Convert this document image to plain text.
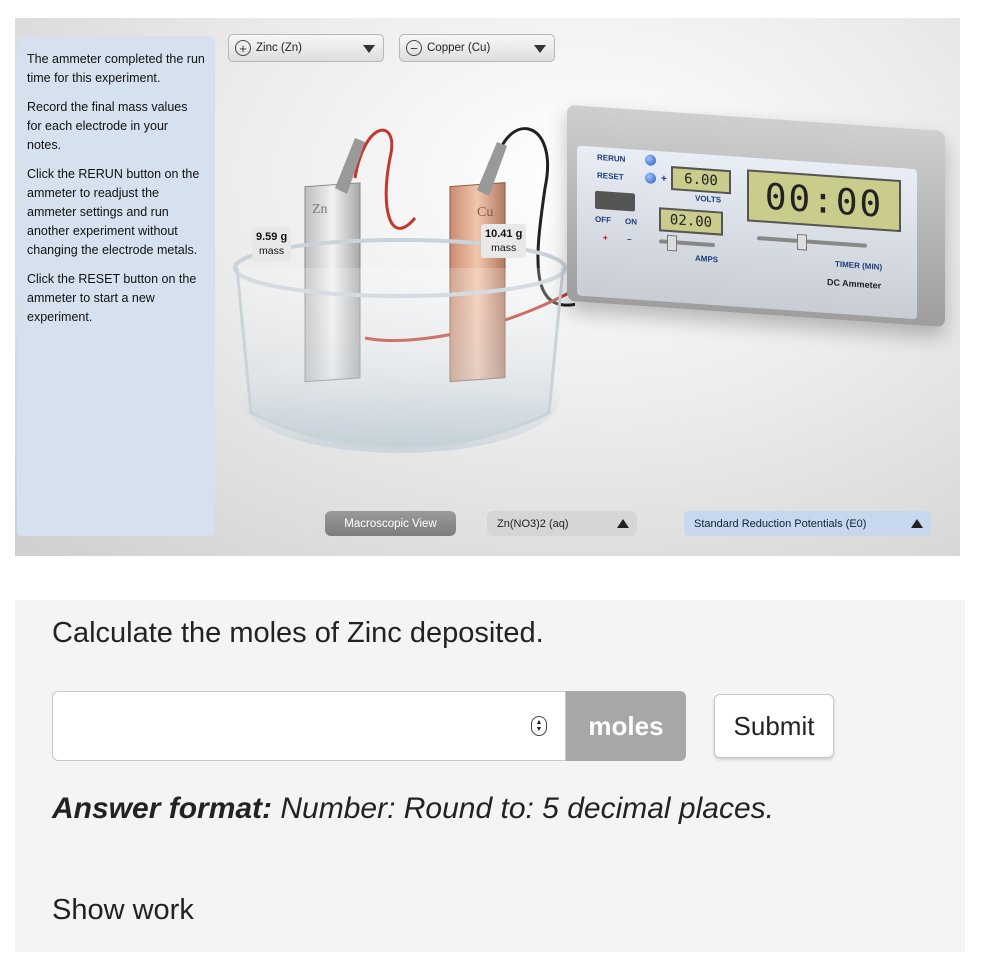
The ammeter completed the run time for this experiment.

Record the final mass values for each electrode in your notes.

Click the RERUN button on the ammeter to readjust the ammeter settings and run another experiment without changing the electrode metals.

Click the RESET button on the ammeter to start a new experiment.

+ Zinc (Zn)	− Copper (Cu)
Zn	Cu
9.59 g
mass
10.41 g
mass
RERUN
RESET
OFF ON
+ −
+	6.00
VOLTS
02.00
AMPS
00:00
TIMER (MIN)
DC Ammeter
Macroscopic View	Zn(NO3)2 (aq)	Standard Reduction Potentials (E0)
Calculate the moles of Zinc deposited.
▲
▼	moles	Submit
Answer format: Number: Round to: 5 decimal places.
Show work
